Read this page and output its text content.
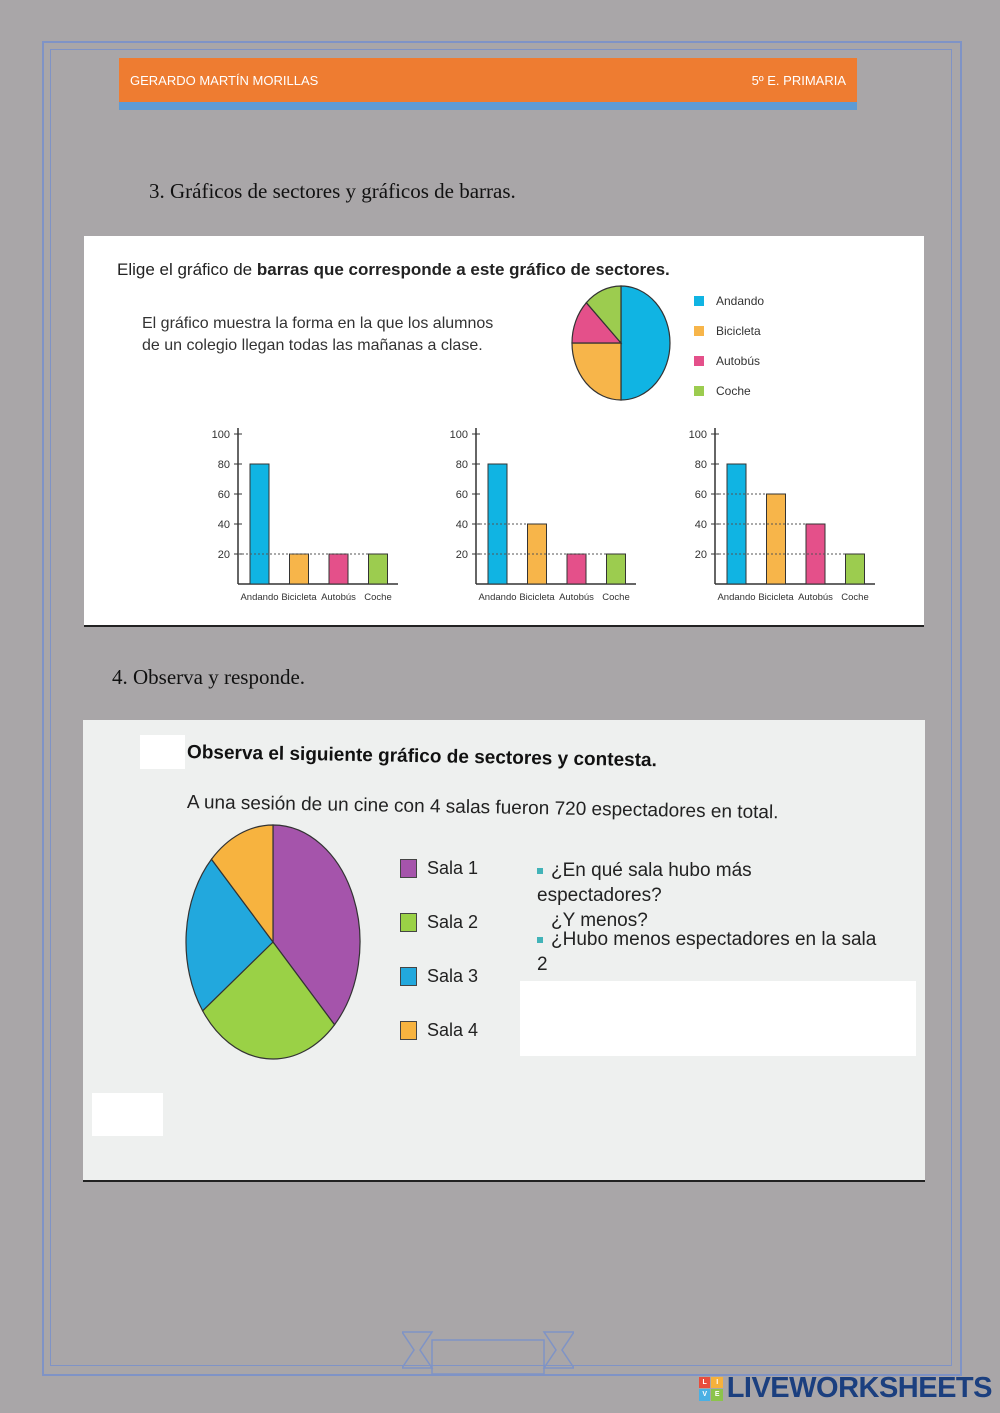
GERARDO MARTÍN MORILLAS	5º E. PRIMARIA
3. Gráficos de sectores y gráficos de barras.
Elige el gráfico de barras que corresponde a este gráfico de sectores.
El gráfico muestra la forma en la que los alumnos
de un colegio llegan todas las mañanas a clase.
Andando
Bicicleta
Autobús
Coche
20
40
60
80
100
Andando Bicicleta Autobús Coche
20
40
60
80
100
Andando Bicicleta Autobús Coche
20
40
60
80
100
Andando Bicicleta Autobús Coche
4. Observa y responde.
Observa el siguiente gráfico de sectores y contesta.
A una sesión de un cine con 4 salas fueron 720 espectadores en total.
Sala 1
Sala 2
Sala 3
Sala 4
¿En qué sala hubo más espectadores?
¿Y menos?
¿Hubo menos espectadores en la sala 2
L	I
V	E LIVEWORKSHEETS
